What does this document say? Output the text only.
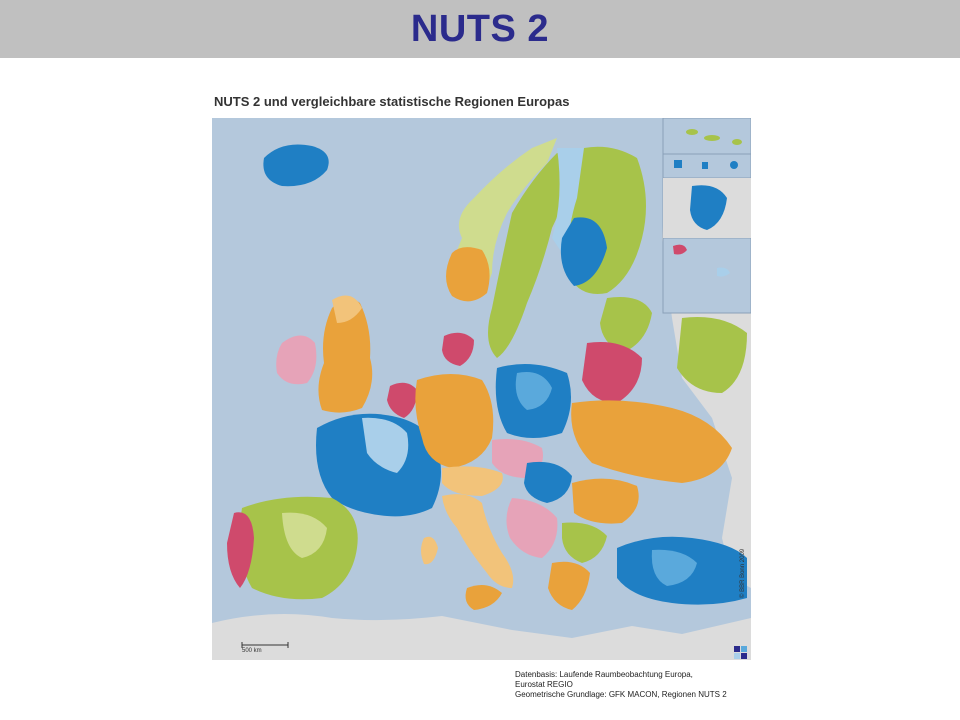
NUTS 2
NUTS 2 und vergleichbare statistische Regionen Europas
500 km
© BBR Bonn 2009
Datenbasis: Laufende Raumbeobachtung Europa,
Eurostat REGIO
Geometrische Grundlage: GFK MACON, Regionen NUTS 2
